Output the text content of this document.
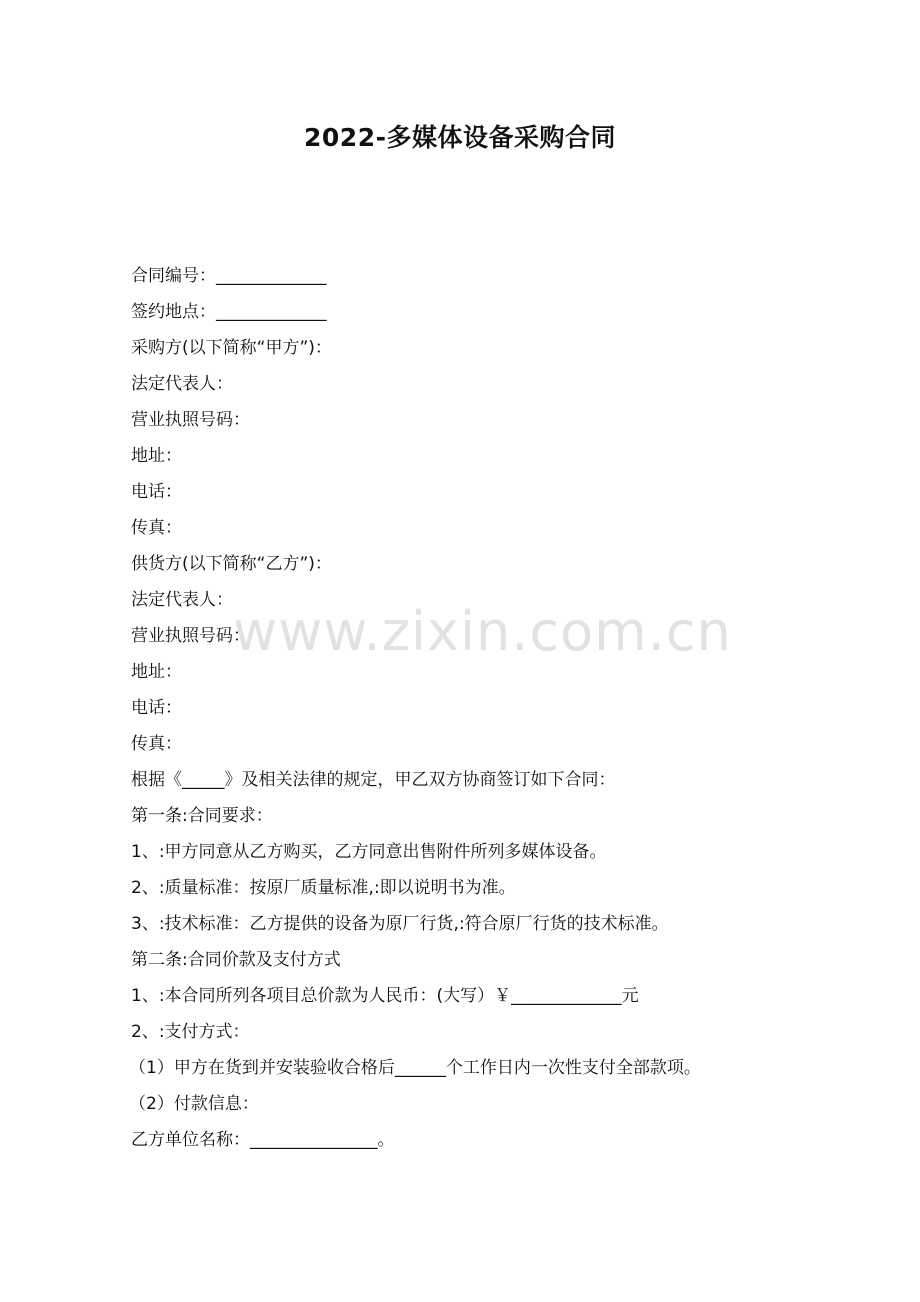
2022-多媒体设备采购合同
合同编号：_____________
签约地点：_____________
采购方(以下简称“甲方”)：
法定代表人：
营业执照号码：
地址：
电话：
传真：
供货方(以下简称“乙方”)：
法定代表人：
营业执照号码：
地址：
电话：
传真：
根据《_____》及相关法律的规定，甲乙双方协商签订如下合同：
第一条:合同要求：
1、:甲方同意从乙方购买，乙方同意出售附件所列多媒体设备。
2、:质量标准：按原厂质量标准,:即以说明书为准。
3、:技术标准：乙方提供的设备为原厂行货,:符合原厂行货的技术标准。
第二条:合同价款及支付方式
1、:本合同所列各项目总价款为人民币：(大写）￥_____________元
2、:支付方式：
（1）甲方在货到并安装验收合格后______个工作日内一次性支付全部款项。
（2）付款信息：
乙方单位名称：_______________。
www.zixin.com.cn
